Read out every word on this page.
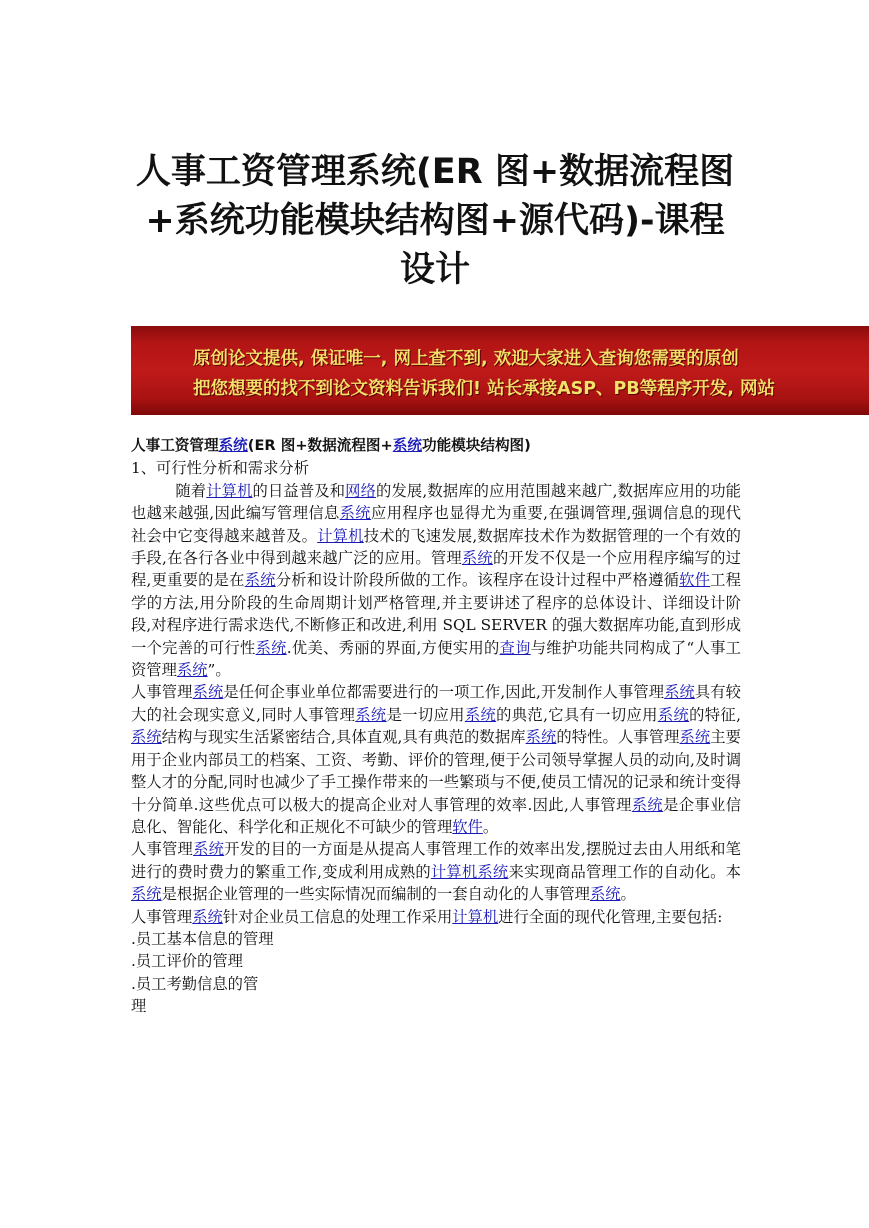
人事工资管理系统(ER 图+数据流程图+系统功能模块结构图+源代码)-课程设计
原创论文提供, 保证唯一, 网上查不到, 欢迎大家进入查询您需要的原创
把您想要的找不到论文资料告诉我们! 站长承接ASP、PB等程序开发, 网站

人事工资管理系统(ER 图+数据流程图+系统功能模块结构图)

1、可行性分析和需求分析

随着计算机的日益普及和网络的发展,数据库的应用范围越来越广,数据库应用的功能也越来越强,因此编写管理信息系统应用程序也显得尤为重要,在强调管理,强调信息的现代社会中它变得越来越普及。计算机技术的飞速发展,数据库技术作为数据管理的一个有效的手段,在各行各业中得到越来越广泛的应用。管理系统的开发不仅是一个应用程序编写的过程,更重要的是在系统分析和设计阶段所做的工作。该程序在设计过程中严格遵循软件工程学的方法,用分阶段的生命周期计划严格管理,并主要讲述了程序的总体设计、详细设计阶段,对程序进行需求迭代,不断修正和改进,利用 SQL SERVER 的强大数据库功能,直到形成一个完善的可行性系统.优美、秀丽的界面,方便实用的查询与维护功能共同构成了“人事工资管理系统”。

人事管理系统是任何企事业单位都需要进行的一项工作,因此,开发制作人事管理系统具有较大的社会现实意义,同时人事管理系统是一切应用系统的典范,它具有一切应用系统的特征,系统结构与现实生活紧密结合,具体直观,具有典范的数据库系统的特性。人事管理系统主要用于企业内部员工的档案、工资、考勤、评价的管理,便于公司领导掌握人员的动向,及时调整人才的分配,同时也减少了手工操作带来的一些繁琐与不便,使员工情况的记录和统计变得十分简单.这些优点可以极大的提高企业对人事管理的效率.因此,人事管理系统是企事业信息化、智能化、科学化和正规化不可缺少的管理软件。

人事管理系统开发的目的一方面是从提高人事管理工作的效率出发,摆脱过去由人用纸和笔进行的费时费力的繁重工作,变成利用成熟的计算机系统来实现商品管理工作的自动化。本系统是根据企业管理的一些实际情况而编制的一套自动化的人事管理系统。

人事管理系统针对企业员工信息的处理工作采用计算机进行全面的现代化管理,主要包括:

.员工基本信息的管理

.员工评价的管理

.员工考勤信息的管

理
